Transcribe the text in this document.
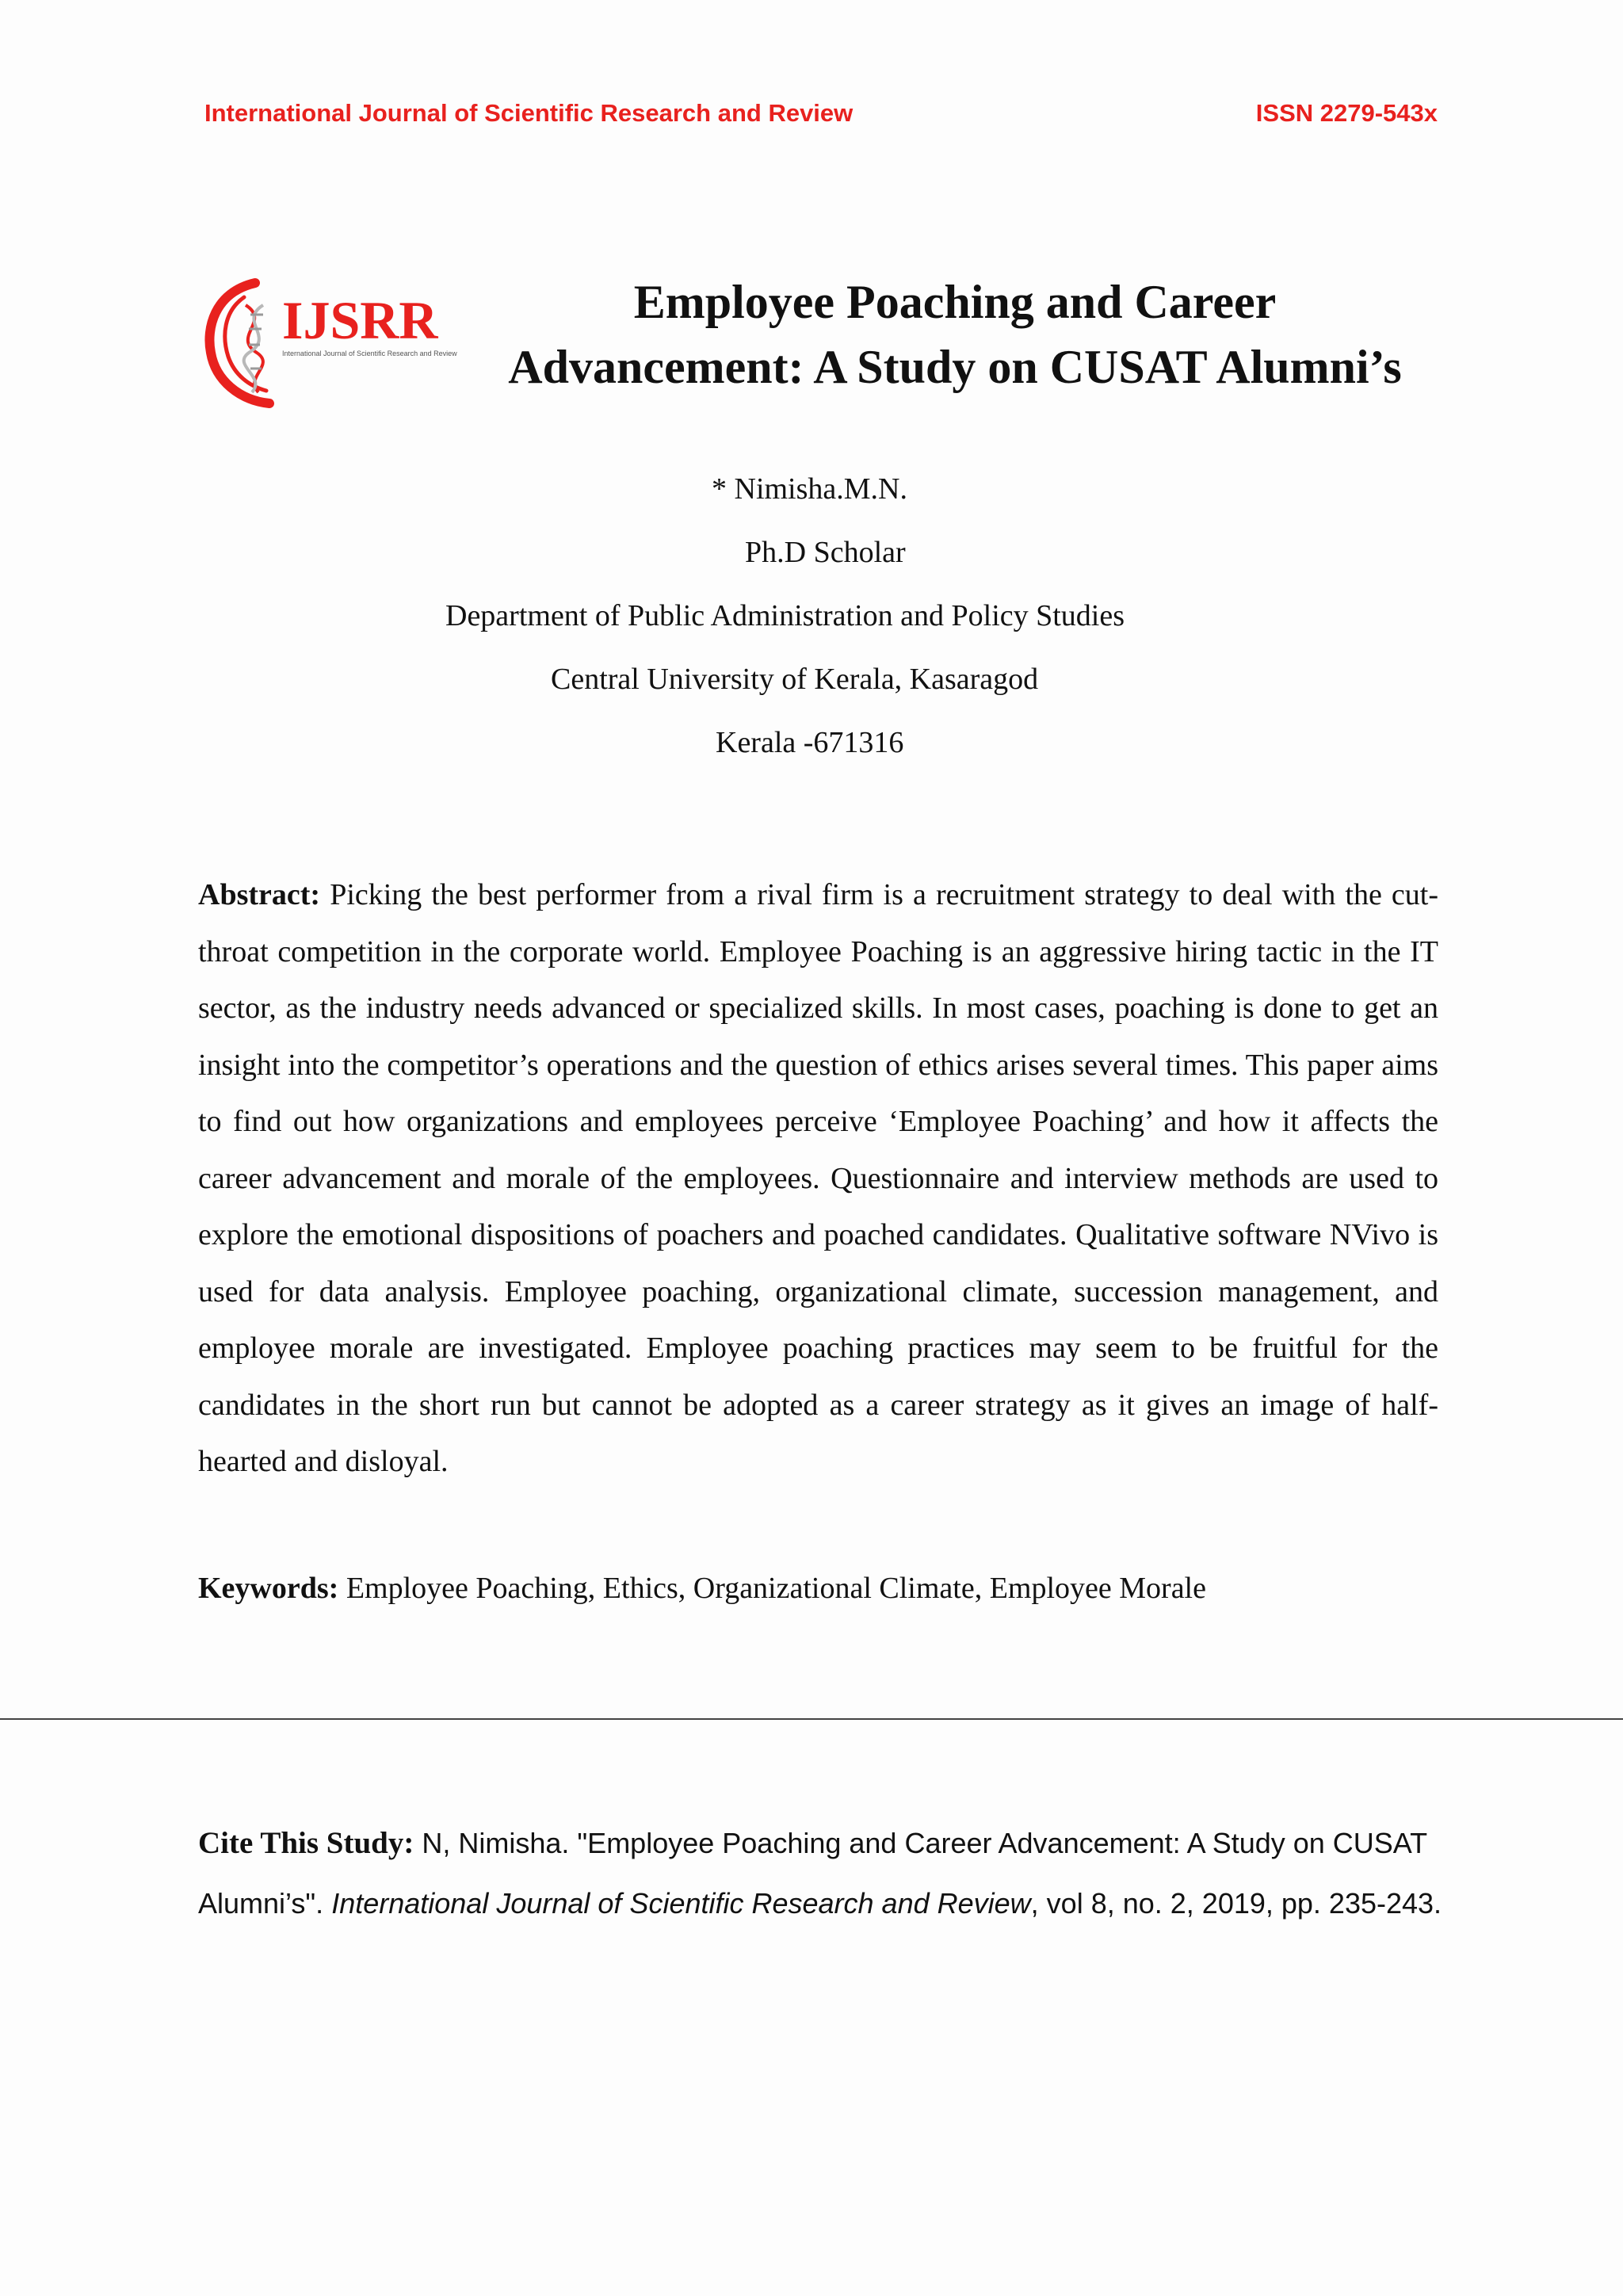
International Journal of Scientific Research and Review	ISSN 2279-543x
IJSRR
International Journal of Scientific Research and Review
Employee Poaching and Career
Advancement: A Study on CUSAT Alumni’s
* Nimisha.M.N.
Ph.D Scholar
Department of Public Administration and Policy Studies
Central University of Kerala, Kasaragod
Kerala -671316
Abstract: Picking the best performer from a rival firm is a recruitment strategy to deal with the cut-throat competition in the corporate world. Employee Poaching is an aggressive hiring tactic in the IT sector, as the industry needs advanced or specialized skills. In most cases, poaching is done to get an insight into the competitor’s operations and the question of ethics arises several times. This paper aims to find out how organizations and employees perceive ‘Employee Poaching’ and how it affects the career advancement and morale of the employees. Questionnaire and interview methods are used to explore the emotional dispositions of poachers and poached candidates. Qualitative software NVivo is used for data analysis. Employee poaching, organizational climate, succession management, and employee morale are investigated. Employee poaching practices may seem to be fruitful for the candidates in the short run but cannot be adopted as a career strategy as it gives an image of half-hearted and disloyal.
Keywords: Employee Poaching, Ethics, Organizational Climate, Employee Morale
Cite This Study: N, Nimisha. "Employee Poaching and Career Advancement: A Study on CUSAT Alumni’s". International Journal of Scientific Research and Review, vol 8, no. 2, 2019, pp. 235-243.
